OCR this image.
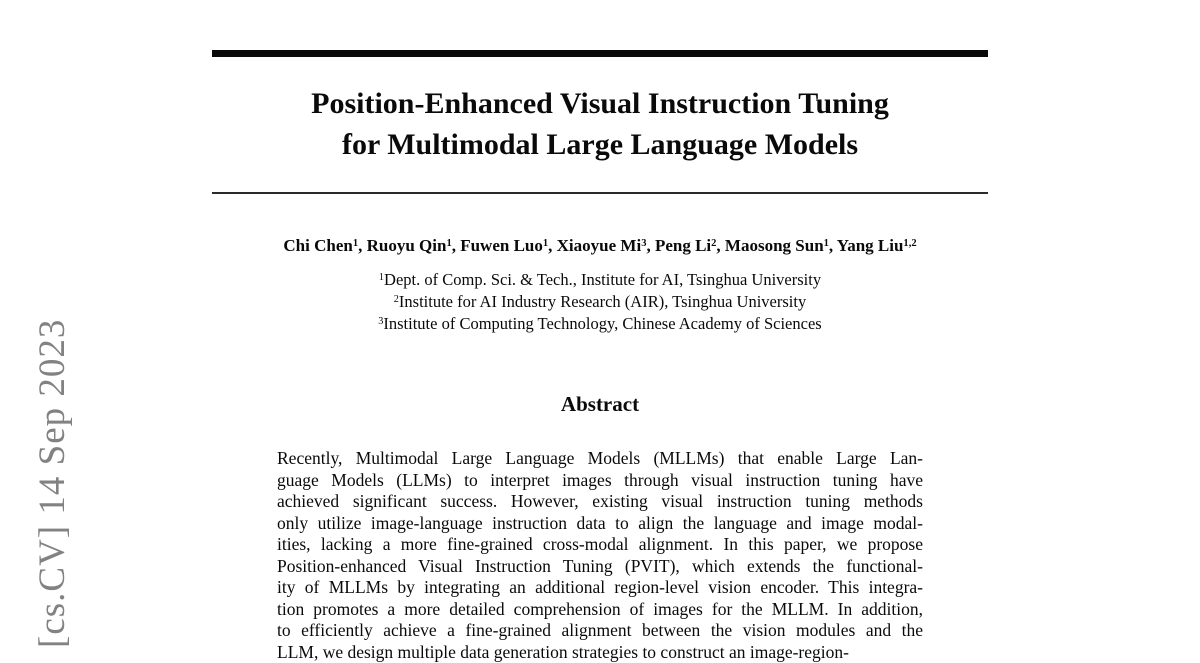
[cs.CV] 14 Sep 2023
Position-Enhanced Visual Instruction Tuning
for Multimodal Large Language Models
Chi Chen$^1$, Ruoyu Qin$^1$, Fuwen Luo$^1$, Xiaoyue Mi$^3$, Peng Li$^2$, Maosong Sun$^1$, Yang Liu$^{1,2}$
$^1$Dept. of Comp. Sci. & Tech., Institute for AI, Tsinghua University
$^2$Institute for AI Industry Research (AIR), Tsinghua University
$^3$Institute of Computing Technology, Chinese Academy of Sciences
Abstract
Recently, Multimodal Large Language Models (MLLMs) that enable Large Lan-
guage Models (LLMs) to interpret images through visual instruction tuning have
achieved significant success. However, existing visual instruction tuning methods
only utilize image-language instruction data to align the language and image modal-
ities, lacking a more fine-grained cross-modal alignment. In this paper, we propose
Position-enhanced Visual Instruction Tuning (PVIT), which extends the functional-
ity of MLLMs by integrating an additional region-level vision encoder. This integra-
tion promotes a more detailed comprehension of images for the MLLM. In addition,
to efficiently achieve a fine-grained alignment between the vision modules and the
LLM, we design multiple data generation strategies to construct an image-region-
